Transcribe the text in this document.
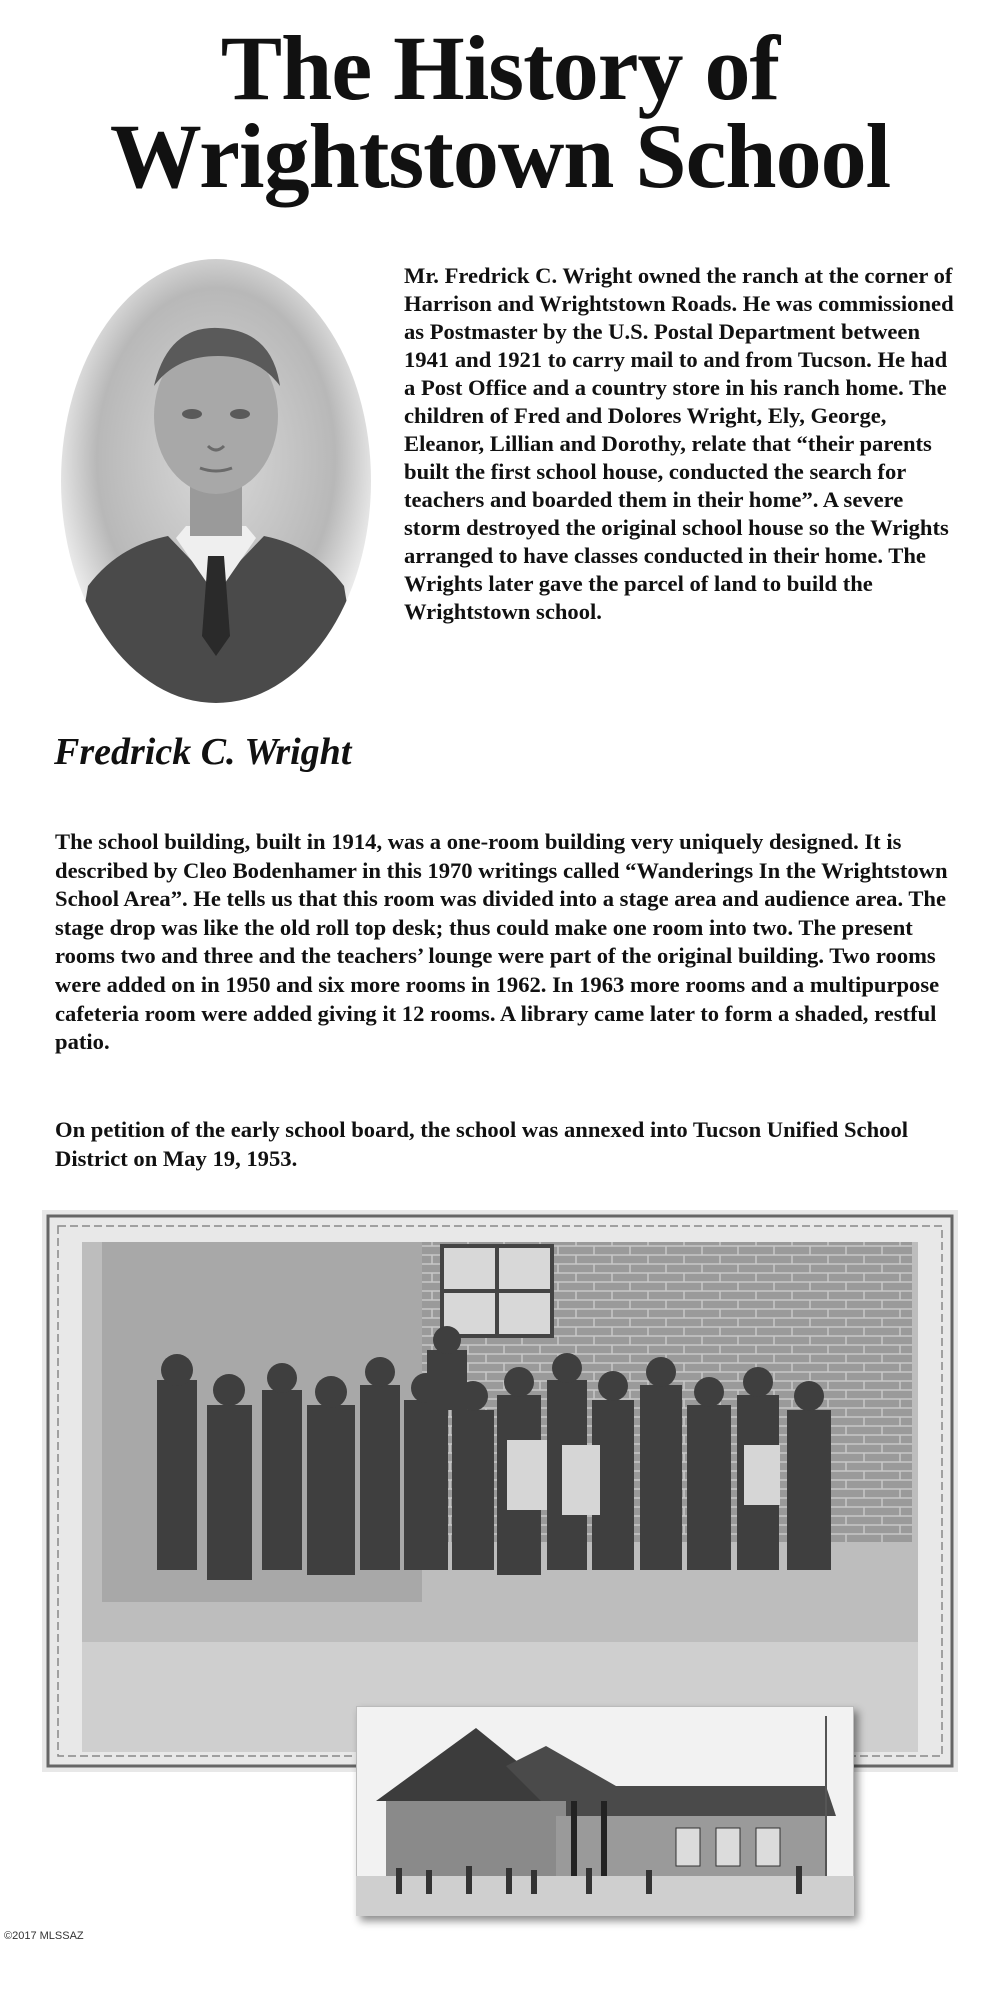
The History of
Wrightstown School

Mr. Fredrick C. Wright owned the ranch at the corner of Harrison and Wrightstown Roads. He was commissioned as Postmaster by the U.S. Postal Department between 1941 and 1921 to carry mail to and from Tucson. He had a Post Office and a country store in his ranch home. The children of Fred and Dolores Wright, Ely, George, Eleanor, Lillian and Dorothy, relate that “their parents built the first school house, conducted the search for teachers and boarded them in their home”. A severe storm destroyed the original school house so the Wrights arranged to have classes conducted in their home. The Wrights later gave the parcel of land to build the Wrightstown school.

Fredrick C. Wright

The school building, built in 1914, was a one-room building very uniquely designed. It is described by Cleo Bodenhamer in this 1970 writings called “Wanderings In the Wrightstown School Area”. He tells us that this room was divided into a stage area and audience area. The stage drop was like the old roll top desk; thus could make one room into two. The present rooms two and three and the teachers’ lounge were part of the original building. Two rooms were added on in 1950 and six more rooms in 1962. In 1963 more rooms and a multipurpose cafeteria room were added giving it 12 rooms. A library came later to form a shaded, restful patio.

On petition of the early school board, the school was annexed into Tucson Unified School District on May 19, 1953.

©2017 MLSSAZ
